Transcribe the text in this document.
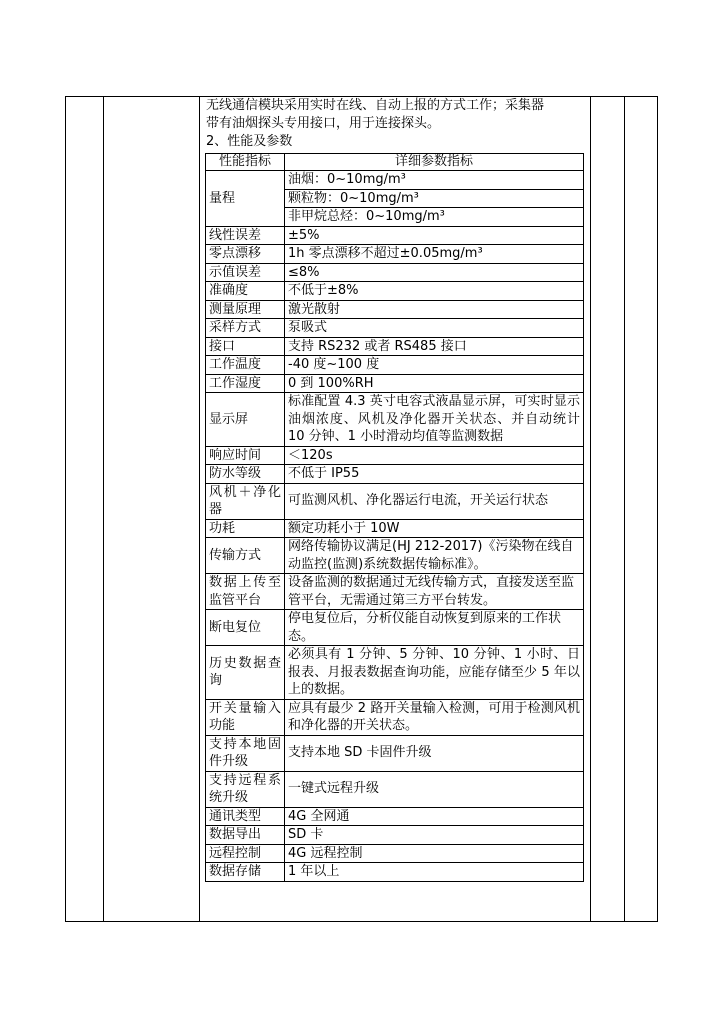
无线通信模块采用实时在线、自动上报的方式工作；采集器

带有油烟探头专用接口，用于连接探头。

2、性能及参数

性能指标	详细参数指标
量程	油烟：0~10mg/m³
	颗粒物：0~10mg/m³
	非甲烷总烃：0~10mg/m³
线性误差	±5%
零点漂移	1h 零点漂移不超过±0.05mg/m³
示值误差	≤8%
准确度	不低于±8%
测量原理	激光散射
采样方式	泵吸式
接口	支持 RS232 或者 RS485 接口
工作温度	-40 度~100 度
工作湿度	0 到 100%RH
显示屏	标准配置 4.3 英寸电容式液晶显示屏，可实时显示油烟浓度、风机及净化器开关状态、并自动统计 10 分钟、1 小时滑动均值等监测数据
响应时间	＜120s
防水等级	不低于 IP55
风机＋净化器	可监测风机、净化器运行电流，开关运行状态
功耗	额定功耗小于 10W
传输方式	网络传输协议满足(HJ 212-2017)《污染物在线自动监控(监测)系统数据传输标准》。
数据上传至监管平台	设备监测的数据通过无线传输方式，直接发送至监管平台，无需通过第三方平台转发。
断电复位	停电复位后，分析仪能自动恢复到原来的工作状态。
历史数据查询	必须具有 1 分钟、5 分钟、10 分钟、1 小时、日报表、月报表数据查询功能，应能存储至少 5 年以上的数据。
开关量输入功能	应具有最少 2 路开关量输入检测，可用于检测风机和净化器的开关状态。
支持本地固件升级	支持本地 SD 卡固件升级
支持远程系统升级	一键式远程升级
通讯类型	4G 全网通
数据导出	SD 卡
远程控制	4G 远程控制
数据存储	1 年以上
